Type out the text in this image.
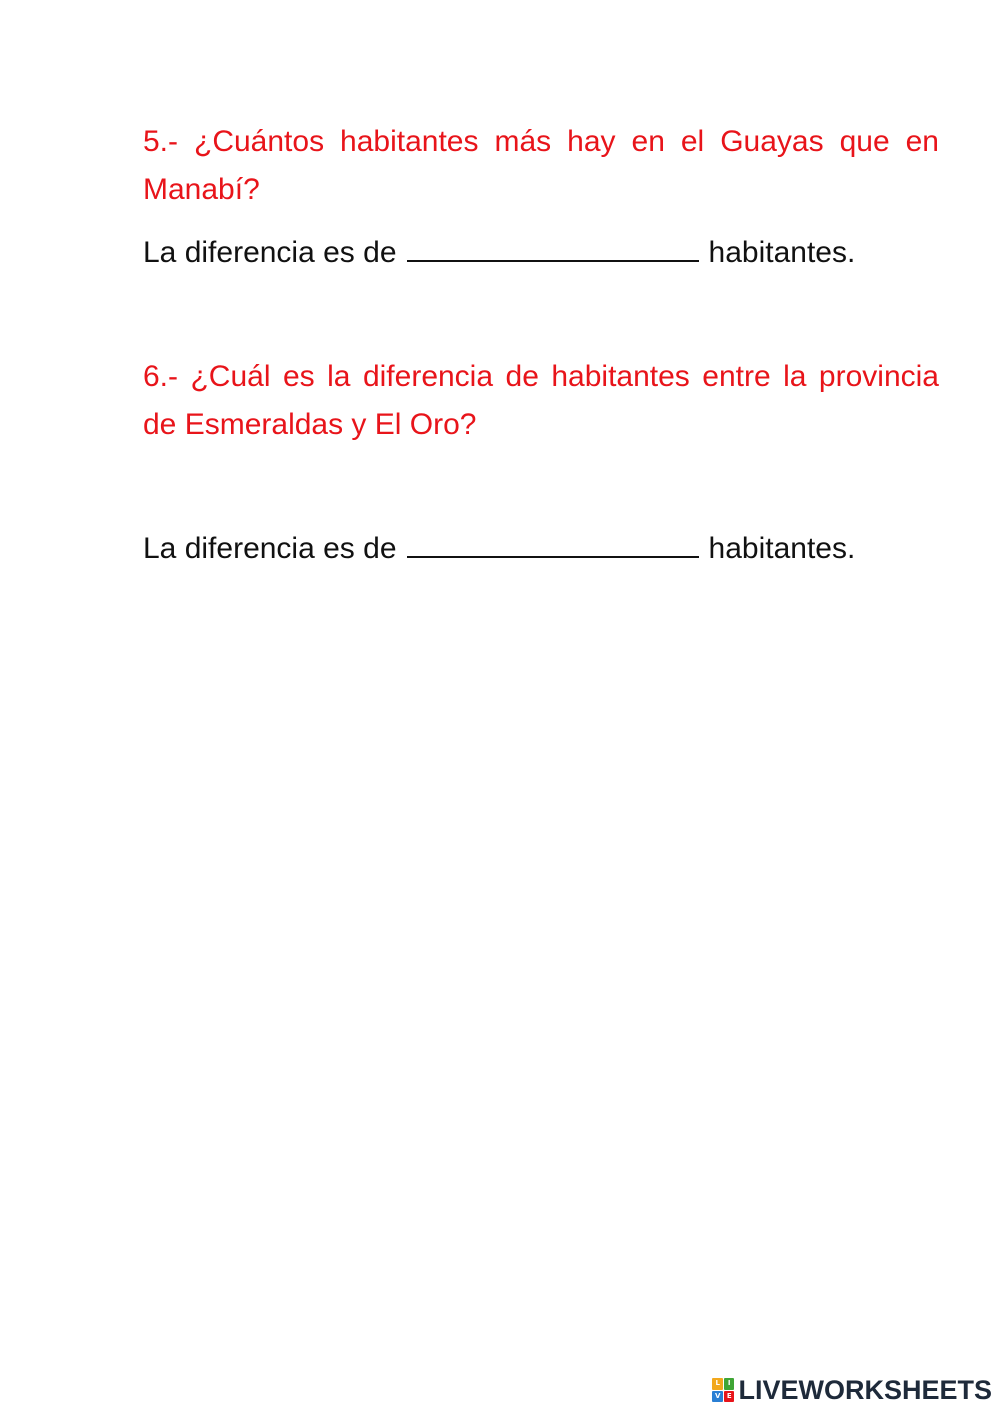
5.- ¿Cuántos habitantes más hay en el Guayas que en Manabí?

La diferencia es de	habitantes.

6.- ¿Cuál es la diferencia de habitantes entre la provincia de Esmeraldas y El Oro?

La diferencia es de	habitantes.

L	I
V E LIVEWORKSHEETS
